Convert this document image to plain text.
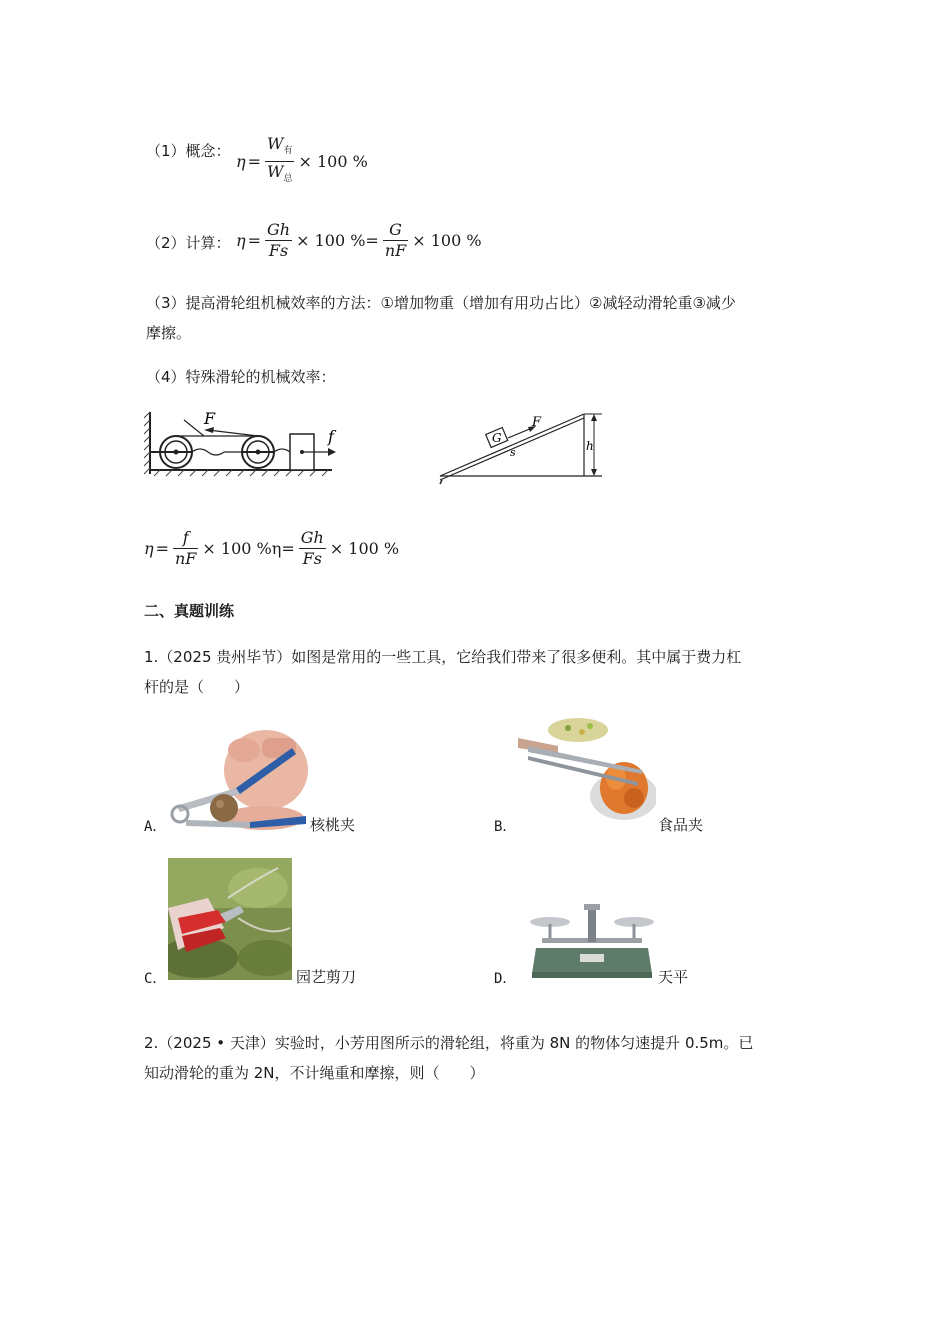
（1）概念：
$\eta = \frac{W_有}{W_总} \times 100$ %
（2）计算： $\eta = \frac{Gh}{Fs} \times 100$ %= $\frac{G}{nF} \times 100$ %
（3）提高滑轮组机械效率的方法：①增加物重（增加有用功占比）②减轻动滑轮重③减少
摩擦。
（4）特殊滑轮的机械效率：
F
f	G
F
s	h
$\eta = \frac{f}{nF} \times 100$ $\%\eta= \frac{Gh}{Fs} \times 100$ %
二、真题训练
1.（2025 贵州毕节）如图是常用的一些工具，它给我们带来了很多便利。其中属于费力杠
杆的是（　　）
A．	核桃夹	B．	食品夹
C．	园艺剪刀	D．	天平
2.（2025 • 天津）实验时，小芳用图所示的滑轮组，将重为 8N 的物体匀速提升 0.5m。已
知动滑轮的重为 2N，不计绳重和摩擦，则（　　）
